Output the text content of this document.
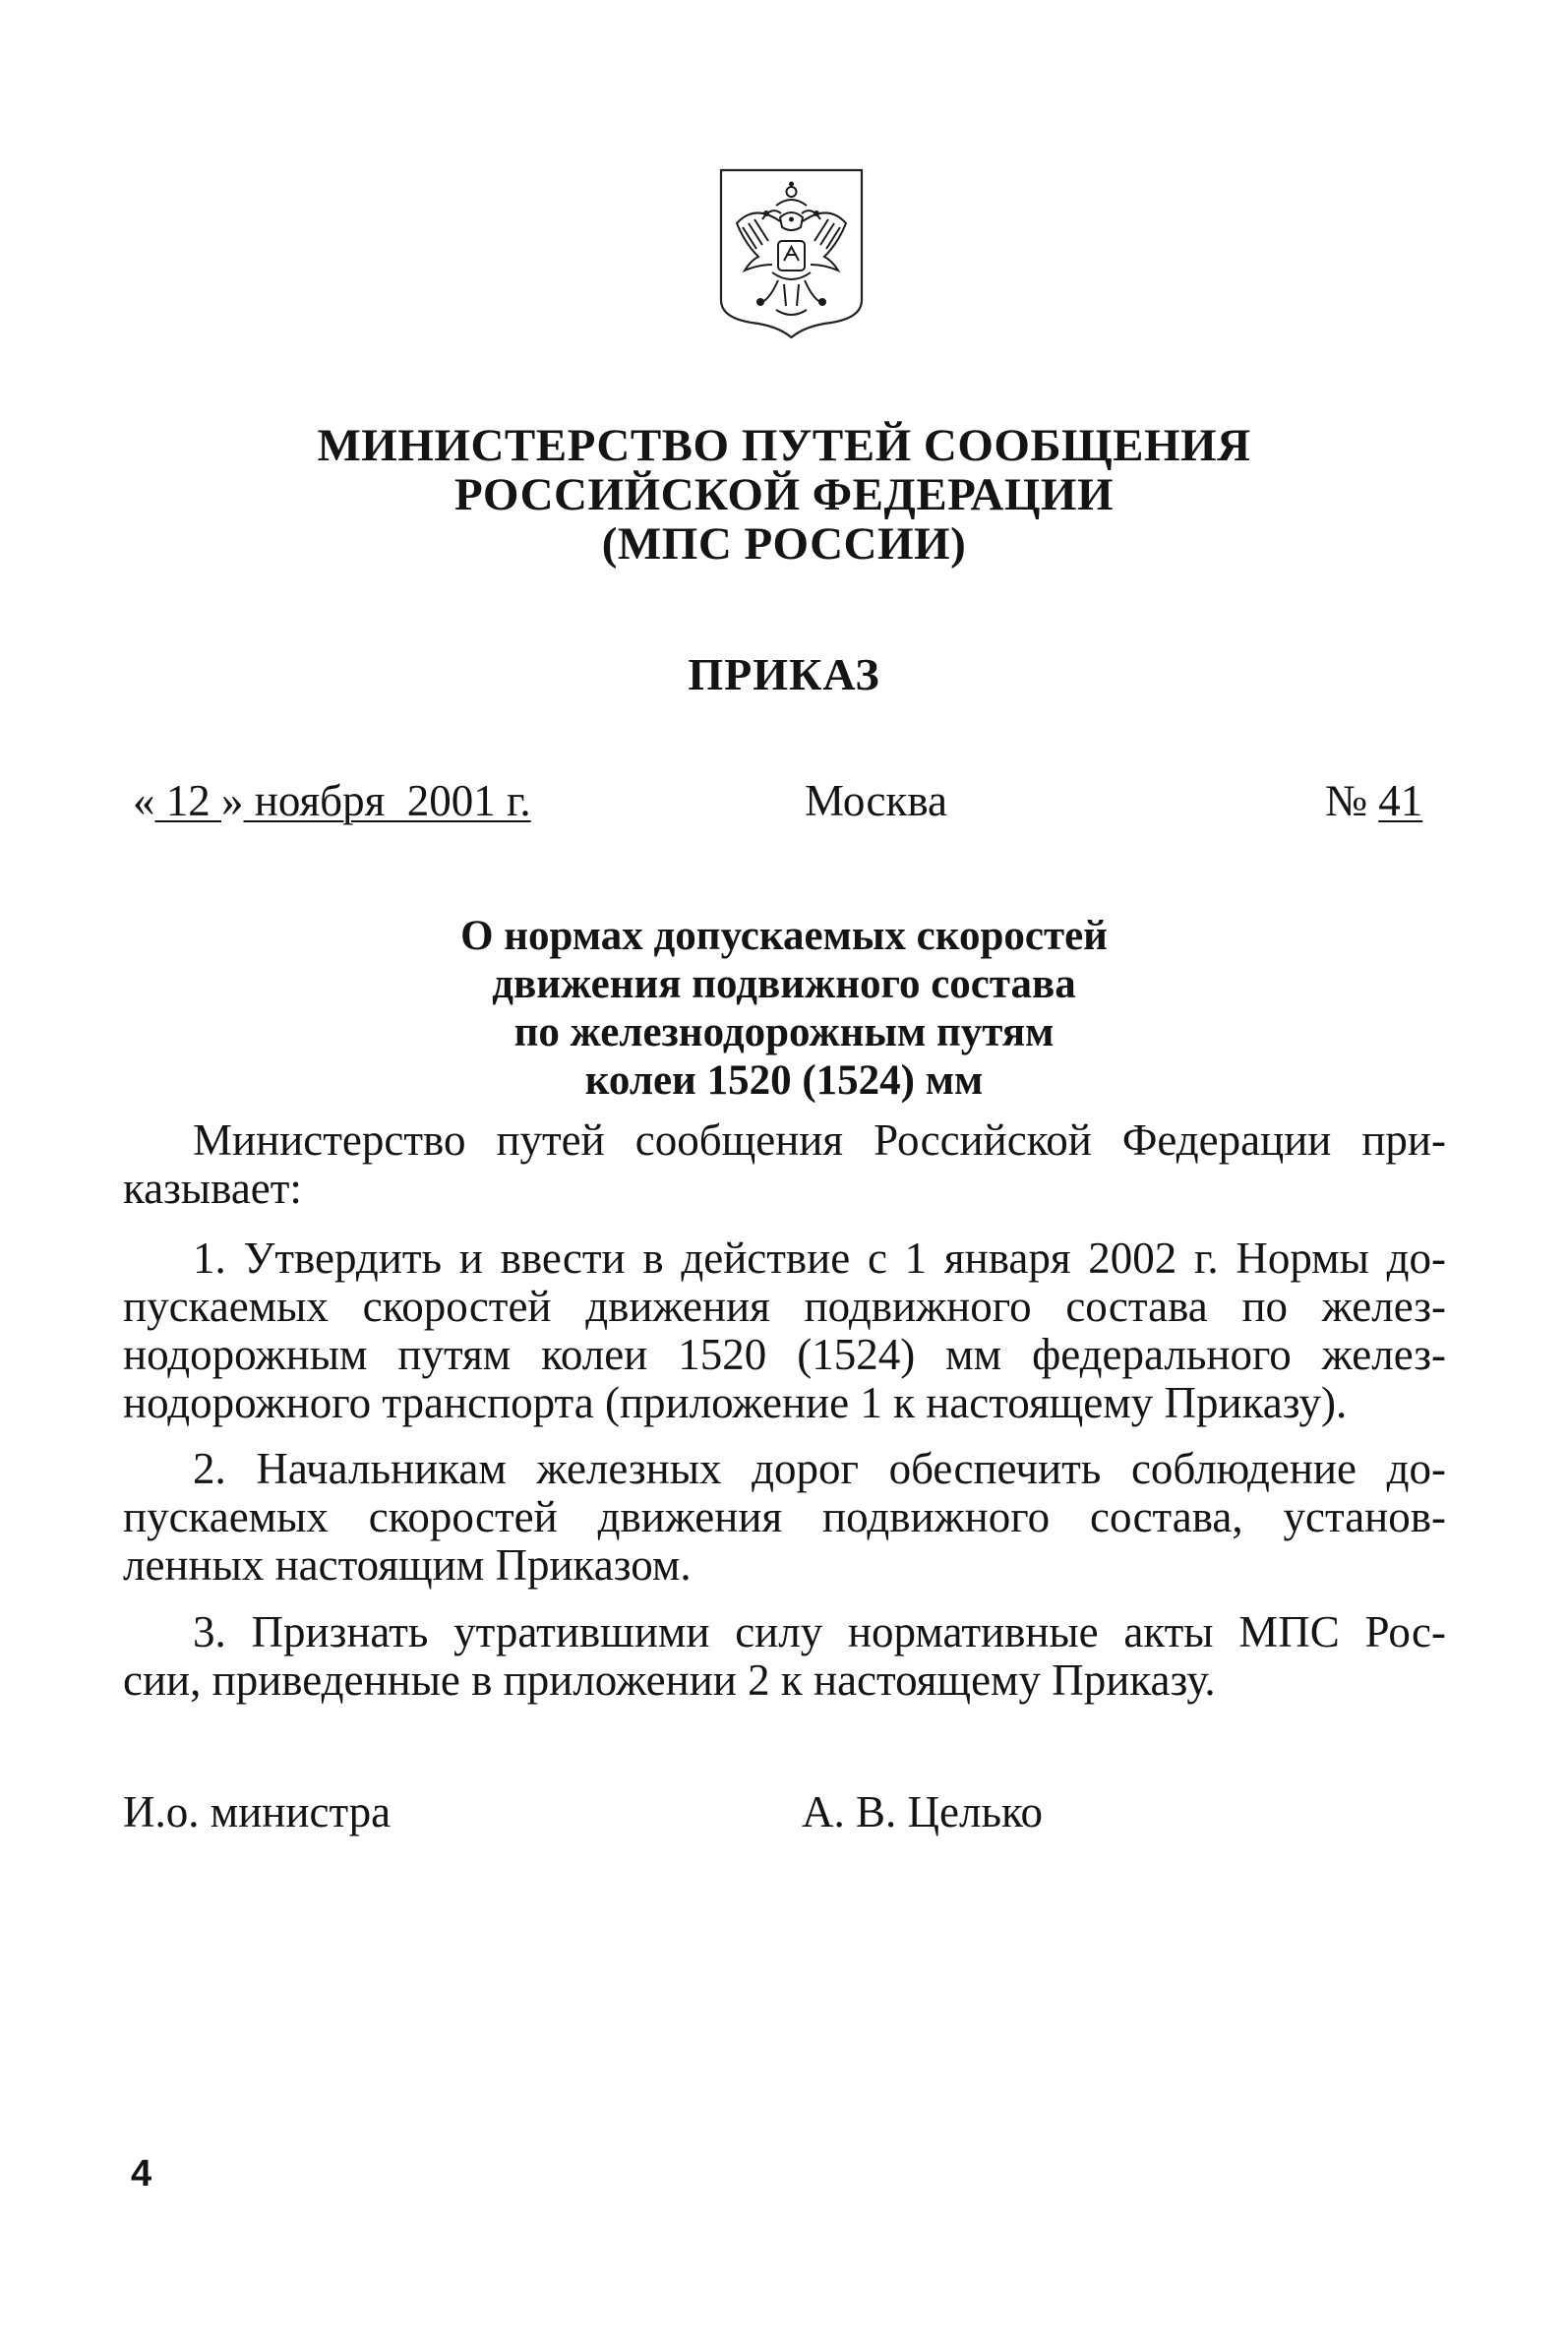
МИНИСТЕРСТВО ПУТЕЙ СООБЩЕНИЯ
РОССИЙСКОЙ ФЕДЕРАЦИИ
(МПС РОССИИ)
ПРИКАЗ
« 12 » ноября  2001 г.	Москва	№ 41
О нормах допускаемых скоростей
движения подвижного состава
по железнодорожным путям
колеи 1520 (1524) мм
Министерство путей сообщения Российской Федерации при-
казывает:
1. Утвердить и ввести в действие с 1 января 2002 г. Нормы до-
пускаемых скоростей движения подвижного состава по желез-
нодорожным путям колеи 1520 (1524) мм федерального желез-
нодорожного транспорта (приложение 1 к настоящему Приказу).
2. Начальникам железных дорог обеспечить соблюдение до-
пускаемых скоростей движения подвижного состава, установ-
ленных настоящим Приказом.
3. Признать утратившими силу нормативные акты МПС Рос-
сии, приведенные в приложении 2 к настоящему Приказу.
И.о. министра	А. В. Целько
4
